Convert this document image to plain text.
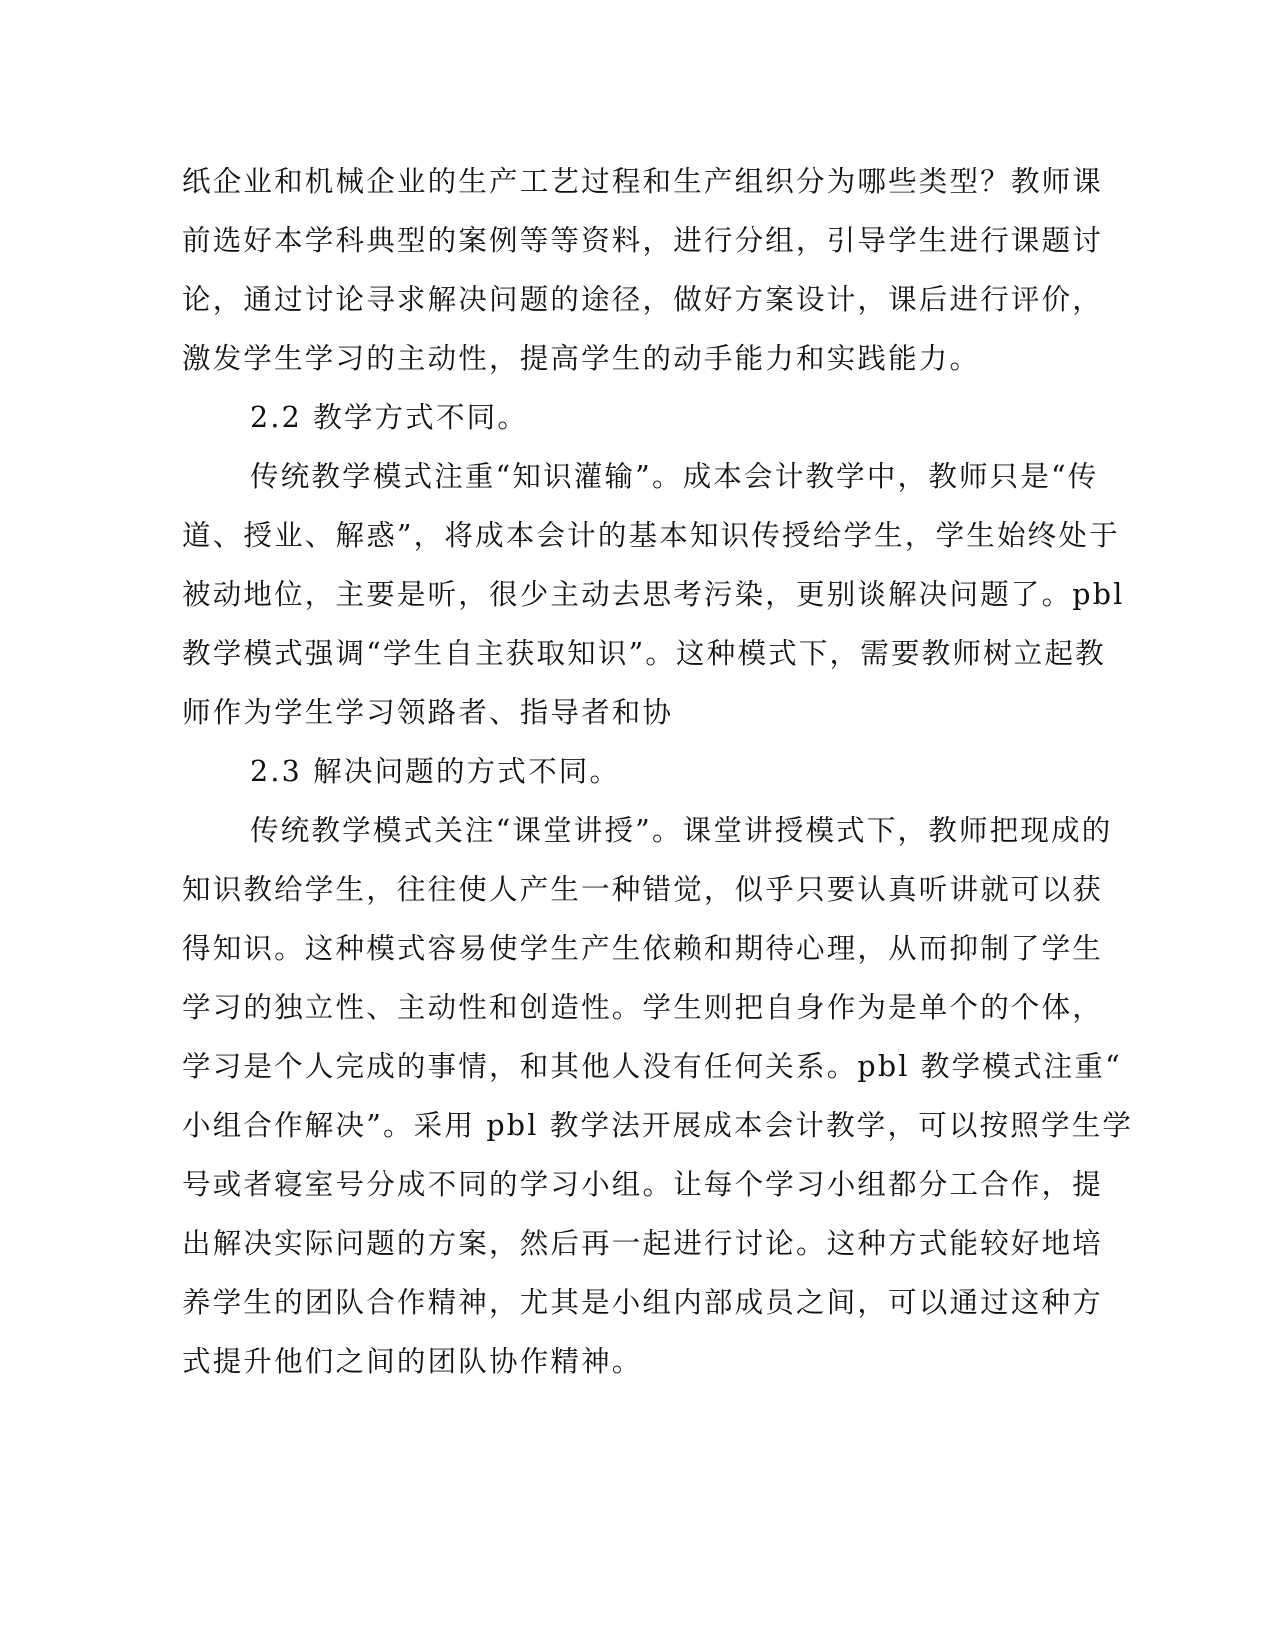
纸企业和机械企业的生产工艺过程和生产组织分为哪些类型？教师课
前选好本学科典型的案例等等资料，进行分组，引导学生进行课题讨
论，通过讨论寻求解决问题的途径，做好方案设计，课后进行评价，
激发学生学习的主动性，提高学生的动手能力和实践能力。
2.2 教学方式不同。
传统教学模式注重“知识灌输”。成本会计教学中，教师只是“传
道、授业、解惑”，将成本会计的基本知识传授给学生，学生始终处于
被动地位，主要是听，很少主动去思考污染，更别谈解决问题了。pbl
教学模式强调“学生自主获取知识”。这种模式下，需要教师树立起教
师作为学生学习领路者、指导者和协
2.3 解决问题的方式不同。
传统教学模式关注“课堂讲授”。课堂讲授模式下，教师把现成的
知识教给学生，往往使人产生一种错觉，似乎只要认真听讲就可以获
得知识。这种模式容易使学生产生依赖和期待心理，从而抑制了学生
学习的独立性、主动性和创造性。学生则把自身作为是单个的个体，
学习是个人完成的事情，和其他人没有任何关系。pbl 教学模式注重“
小组合作解决”。采用 pbl 教学法开展成本会计教学，可以按照学生学
号或者寝室号分成不同的学习小组。让每个学习小组都分工合作，提
出解决实际问题的方案，然后再一起进行讨论。这种方式能较好地培
养学生的团队合作精神，尤其是小组内部成员之间，可以通过这种方
式提升他们之间的团队协作精神。
